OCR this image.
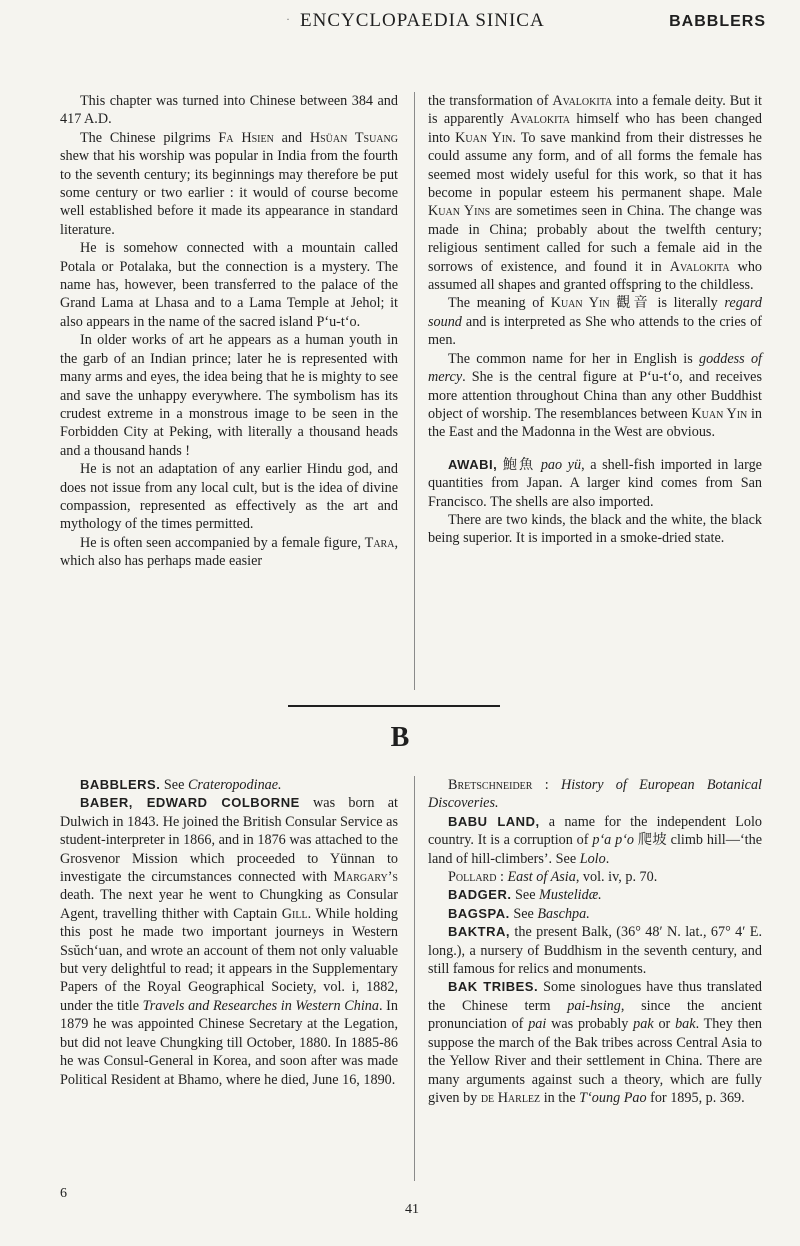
· ENCYCLOPAEDIA SINICA	BABBLERS

This chapter was turned into Chinese between 384 and 417 A.D.

The Chinese pilgrims Fa Hsien and Hsüan Tsuang shew that his worship was popular in India from the fourth to the seventh century; its beginnings may therefore be put some century or two earlier : it would of course become well established before it made its appearance in standard literature.

He is somehow connected with a mountain called Potala or Potalaka, but the connection is a mystery. The name has, however, been transferred to the palace of the Grand Lama at Lhasa and to a Lama Temple at Jehol; it also appears in the name of the sacred island P‘u-t‘o.

In older works of art he appears as a human youth in the garb of an Indian prince; later he is represented with many arms and eyes, the idea being that he is mighty to see and save the unhappy everywhere. The symbolism has its crudest extreme in a monstrous image to be seen in the Forbidden City at Peking, with literally a thousand heads and a thousand hands !

He is not an adaptation of any earlier Hindu god, and does not issue from any local cult, but is the idea of divine compassion, represented as effectively as the art and mythology of the times permitted.

He is often seen accompanied by a female figure, Tara, which also has perhaps made easier

the transformation of Avalokita into a female deity. But it is apparently Avalokita himself who has been changed into Kuan Yin. To save mankind from their distresses he could assume any form, and of all forms the female has seemed most widely useful for this work, so that it has become in popular esteem his permanent shape. Male Kuan Yins are sometimes seen in China. The change was made in China; probably about the twelfth century; religious sentiment called for such a female aid in the sorrows of existence, and found it in Avalokita who assumed all shapes and granted offspring to the childless.

The meaning of Kuan Yin 觀音 is literally regard sound and is interpreted as She who attends to the cries of men.

The common name for her in English is goddess of mercy. She is the central figure at P‘u-t‘o, and receives more attention throughout China than any other Buddhist object of worship. The resemblances between Kuan Yin in the East and the Madonna in the West are obvious.

AWABI, 鮑魚 pao yü, a shell-fish imported in large quantities from Japan. A larger kind comes from San Francisco. The shells are also imported.

There are two kinds, the black and the white, the black being superior. It is imported in a smoke-dried state.

B

BABBLERS. See Crateropodinae.

BABER, EDWARD COLBORNE was born at Dulwich in 1843. He joined the British Consular Service as student-interpreter in 1866, and in 1876 was attached to the Grosvenor Mission which proceeded to Yünnan to investigate the circumstances connected with Margary’s death. The next year he went to Chungking as Consular Agent, travelling thither with Captain Gill. While holding this post he made two important journeys in Western Ssŭch‘uan, and wrote an account of them not only valuable but very delightful to read; it appears in the Supplementary Papers of the Royal Geographical Society, vol. i, 1882, under the title Travels and Researches in Western China. In 1879 he was appointed Chinese Secretary at the Legation, but did not leave Chungking till October, 1880. In 1885-86 he was Consul-General in Korea, and soon after was made Political Resident at Bhamo, where he died, June 16, 1890.

Bretschneider : History of European Botanical Discoveries.

BABU LAND, a name for the independent Lolo country. It is a corruption of p‘a p‘o 爬坡 climb hill—‘the land of hill-climbers’. See Lolo.

Pollard : East of Asia, vol. iv, p. 70.

BADGER. See Mustelidæ.

BAGSPA. See Baschpa.

BAKTRA, the present Balk, (36° 48′ N. lat., 67° 4′ E. long.), a nursery of Buddhism in the seventh century, and still famous for relics and monuments.

BAK TRIBES. Some sinologues have thus translated the Chinese term pai-hsing, since the ancient pronunciation of pai was probably pak or bak. They then suppose the march of the Bak tribes across Central Asia to the Yellow River and their settlement in China. There are many arguments against such a theory, which are fully given by de Harlez in the T‘oung Pao for 1895, p. 369.

6
41
